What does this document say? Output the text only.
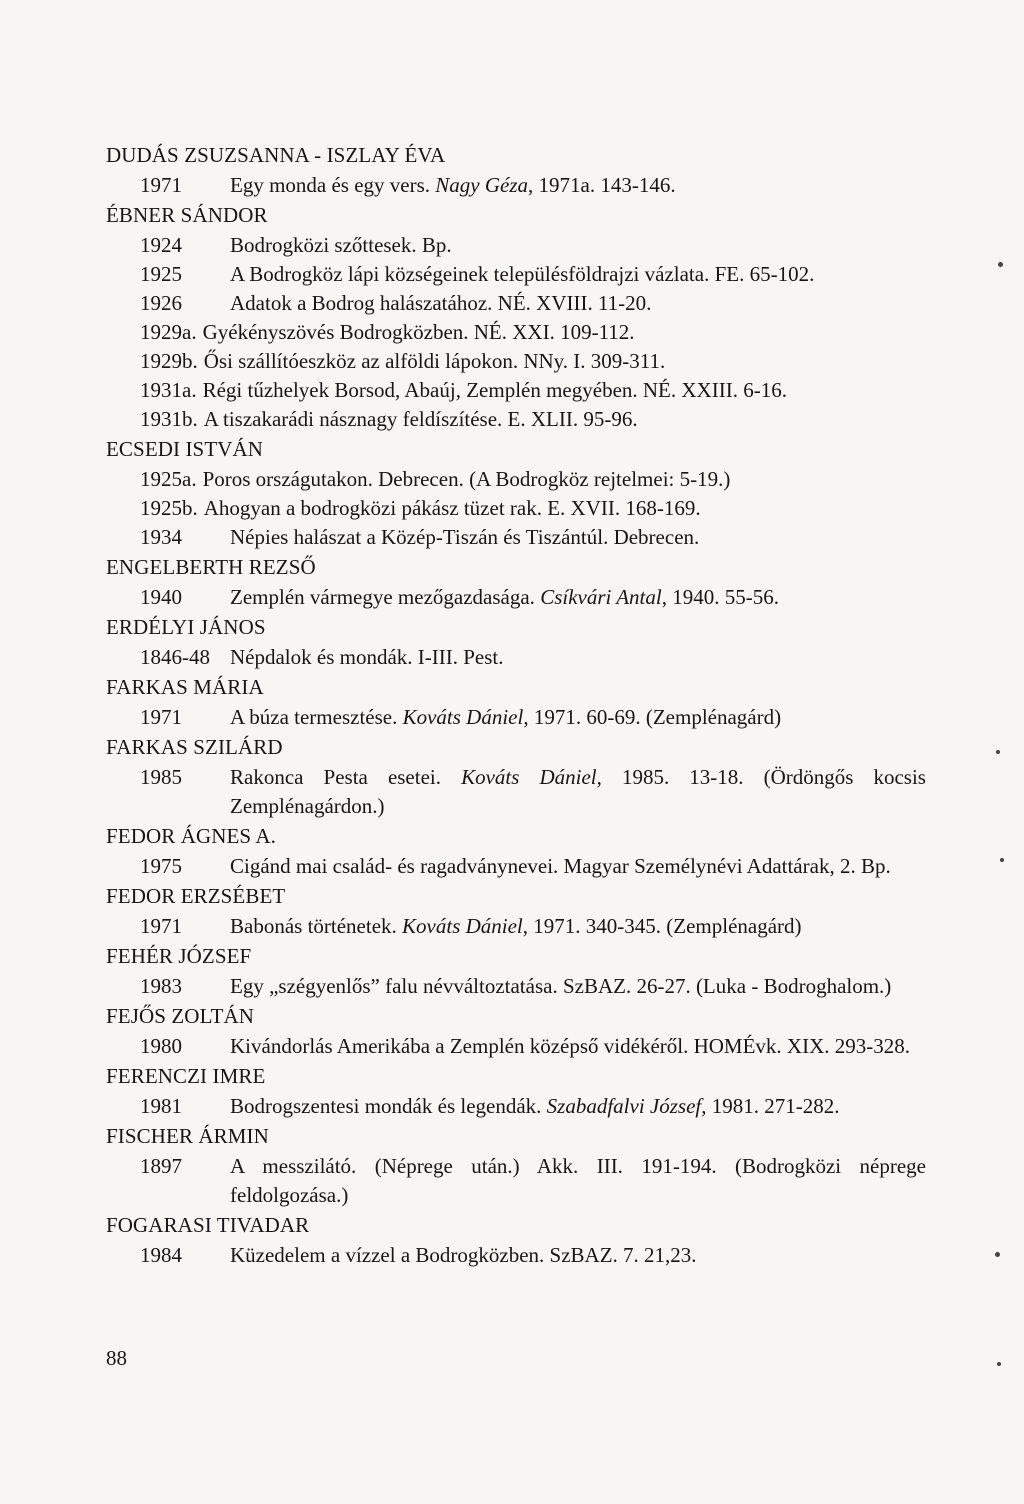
DUDÁS ZSUZSANNA - ISZLAY ÉVA
1971 Egy monda és egy vers. Nagy Géza, 1971a. 143-146.
ÉBNER SÁNDOR
1924 Bodrogközi szőttesek. Bp.
1925 A Bodrogköz lápi községeinek településföldrajzi vázlata. FE. 65-102.
1926 Adatok a Bodrog halászatához. NÉ. XVIII. 11-20.
1929a. Gyékényszövés Bodrogközben. NÉ. XXI. 109-112.
1929b. Ősi szállítóeszköz az alföldi lápokon. NNy. I. 309-311.
1931a. Régi tűzhelyek Borsod, Abaúj, Zemplén megyében. NÉ. XXIII. 6-16.
1931b. A tiszakarádi násznagy feldíszítése. E. XLII. 95-96.
ECSEDI ISTVÁN
1925a. Poros országutakon. Debrecen. (A Bodrogköz rejtelmei: 5-19.)
1925b. Ahogyan a bodrogközi pákász tüzet rak. E. XVII. 168-169.
1934 Népies halászat a Közép-Tiszán és Tiszántúl. Debrecen.
ENGELBERTH REZSŐ
1940 Zemplén vármegye mezőgazdasága. Csíkvári Antal, 1940. 55-56.
ERDÉLYI JÁNOS
1846-48 Népdalok és mondák. I-III. Pest.
FARKAS MÁRIA
1971 A búza termesztése. Kováts Dániel, 1971. 60-69. (Zemplénagárd)
FARKAS SZILÁRD
1985 Rakonca Pesta esetei. Kováts Dániel, 1985. 13-18. (Ördöngős kocsis Zemplénagárdon.)
FEDOR ÁGNES A.
1975 Cigánd mai család- és ragadványnevei. Magyar Személynévi Adattárak, 2. Bp.
FEDOR ERZSÉBET
1971 Babonás történetek. Kováts Dániel, 1971. 340-345. (Zemplénagárd)
FEHÉR JÓZSEF
1983 Egy „szégyenlős” falu névváltoztatása. SzBAZ. 26-27. (Luka - Bodroghalom.)
FEJŐS ZOLTÁN
1980 Kivándorlás Amerikába a Zemplén középső vidékéről. HOMÉvk. XIX. 293-328.
FERENCZI IMRE
1981 Bodrogszentesi mondák és legendák. Szabadfalvi József, 1981. 271-282.
FISCHER ÁRMIN
1897 A messzilátó. (Néprege után.) Akk. III. 191-194. (Bodrogközi néprege feldolgozása.)
FOGARASI TIVADAR
1984 Küzedelem a vízzel a Bodrogközben. SzBAZ. 7. 21,23.
88
